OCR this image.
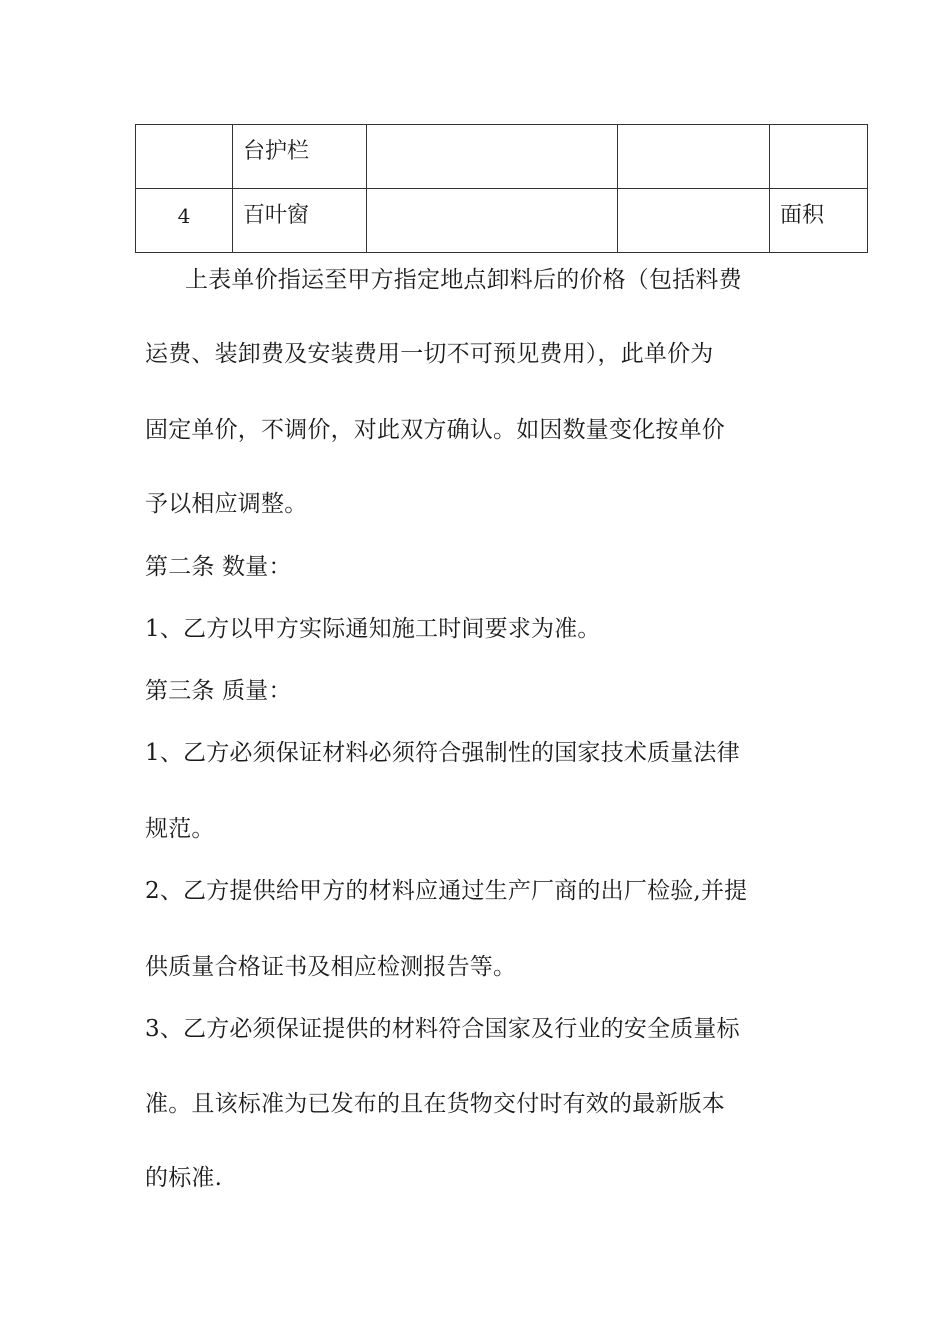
	台护栏			

4	百叶窗			面积
上表单价指运至甲方指定地点卸料后的价格（包括料费
运费、装卸费及安装费用一切不可预见费用），此单价为
固定单价，不调价，对此双方确认。如因数量变化按单价
予以相应调整。
第二条 数量：
1、乙方以甲方实际通知施工时间要求为准。
第三条 质量：
1、乙方必须保证材料必须符合强制性的国家技术质量法律
规范。
2、乙方提供给甲方的材料应通过生产厂商的出厂检验,并提
供质量合格证书及相应检测报告等。
3、乙方必须保证提供的材料符合国家及行业的安全质量标
准。且该标准为已发布的且在货物交付时有效的最新版本
的标准.
